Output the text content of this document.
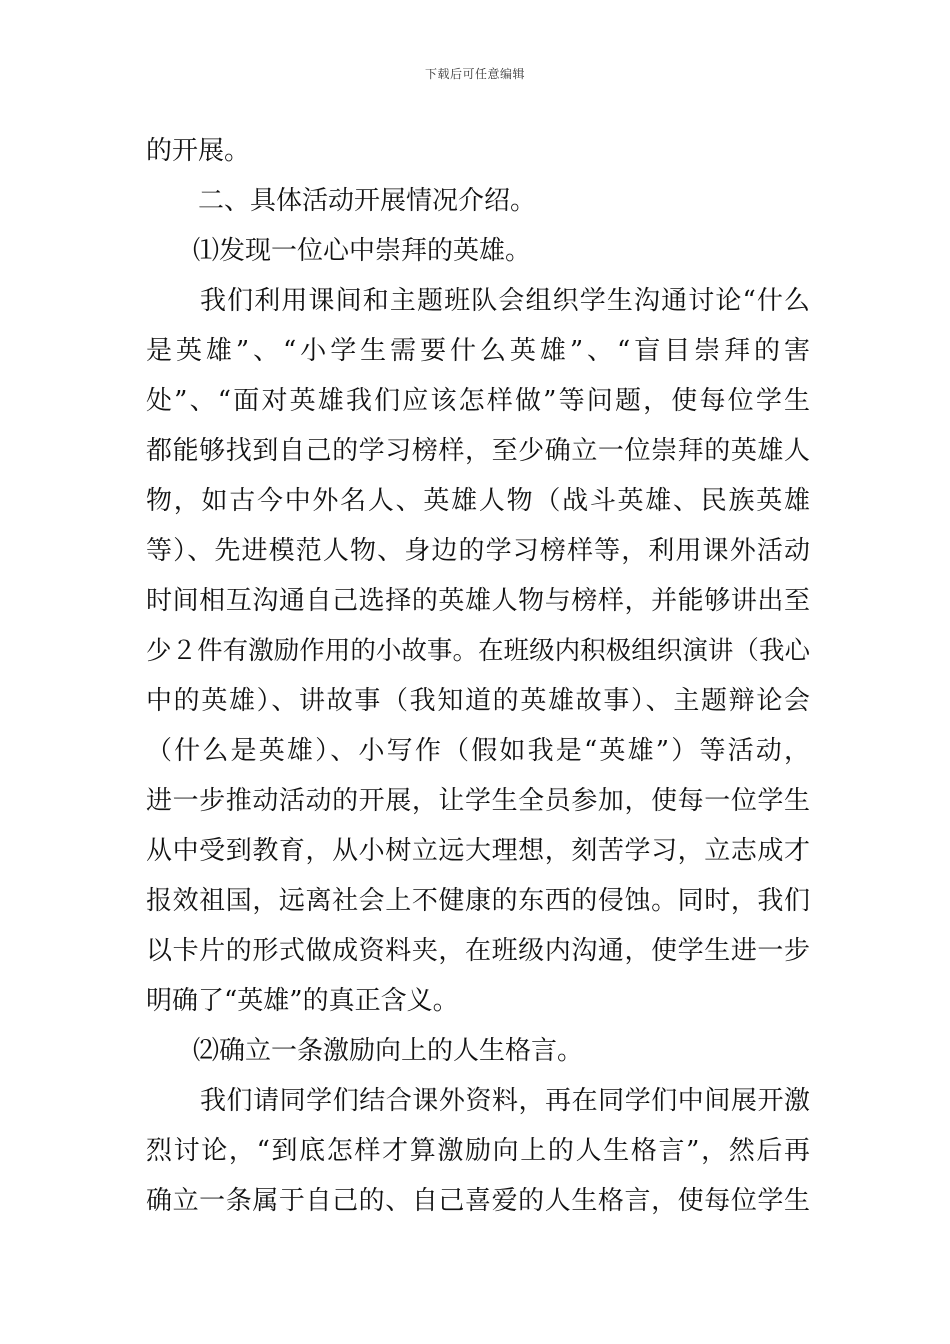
下载后可任意编辑
的开展。
二、具体活动开展情况介绍。
⑴发现一位心中崇拜的英雄。
我们利用课间和主题班队会组织学生沟通讨论“什么
是英雄”、“小学生需要什么英雄”、“盲目崇拜的害
处”、“面对英雄我们应该怎样做”等问题，使每位学生
都能够找到自己的学习榜样，至少确立一位崇拜的英雄人
物，如古今中外名人、英雄人物（战斗英雄、民族英雄
等）、先进模范人物、身边的学习榜样等，利用课外活动
时间相互沟通自己选择的英雄人物与榜样，并能够讲出至
少２件有激励作用的小故事。在班级内积极组织演讲（我心
中的英雄）、讲故事（我知道的英雄故事）、主题辩论会
（什么是英雄）、小写作（假如我是“英雄”）等活动，
进一步推动活动的开展，让学生全员参加，使每一位学生
从中受到教育，从小树立远大理想，刻苦学习，立志成才
报效祖国，远离社会上不健康的东西的侵蚀。同时，我们
以卡片的形式做成资料夹，在班级内沟通，使学生进一步
明确了“英雄”的真正含义。
⑵确立一条激励向上的人生格言。
我们请同学们结合课外资料，再在同学们中间展开激
烈讨论，“到底怎样才算激励向上的人生格言”，然后再
确立一条属于自己的、自己喜爱的人生格言，使每位学生
